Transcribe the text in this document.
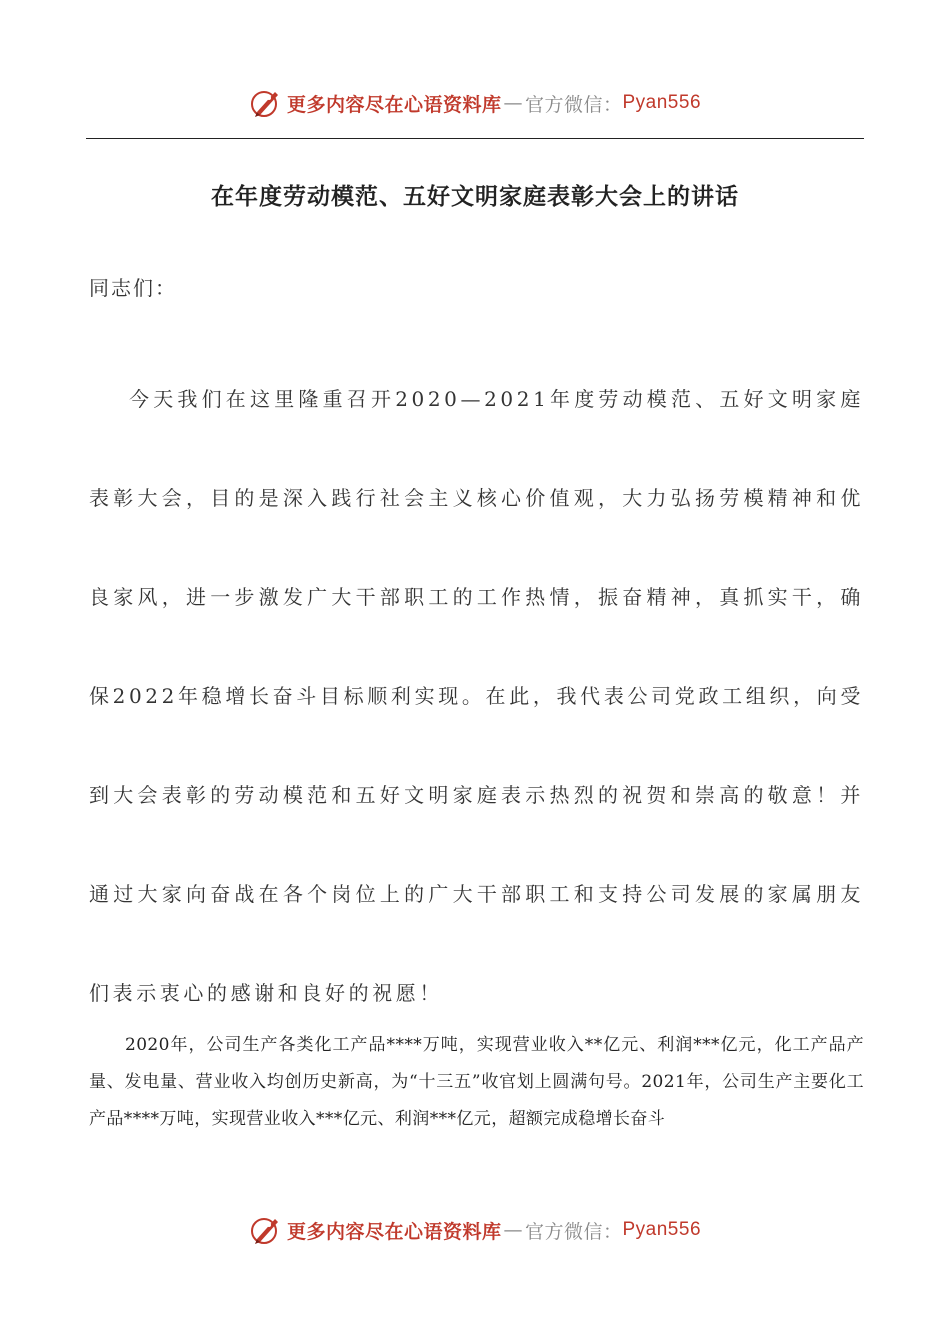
更多内容尽在心语资料库 — 官方微信： Pyan556
在年度劳动模范、五好文明家庭表彰大会上的讲话
同志们：

今天我们在这里隆重召开2020—2021年度劳动模范、五好文明家庭表彰大会，目的是深入践行社会主义核心价值观，大力弘扬劳模精神和优良家风，进一步激发广大干部职工的工作热情，振奋精神，真抓实干，确保2022年稳增长奋斗目标顺利实现。在此，我代表公司党政工组织，向受到大会表彰的劳动模范和五好文明家庭表示热烈的祝贺和崇高的敬意！并通过大家向奋战在各个岗位上的广大干部职工和支持公司发展的家属朋友们表示衷心的感谢和良好的祝愿！

2020年，公司生产各类化工产品****万吨，实现营业收入**亿元、利润***亿元，化工产品产量、发电量、营业收入均创历史新高，为“十三五”收官划上圆满句号。2021年，公司生产主要化工产品****万吨，实现营业收入***亿元、利润***亿元，超额完成稳增长奋斗

更多内容尽在心语资料库 — 官方微信： Pyan556
